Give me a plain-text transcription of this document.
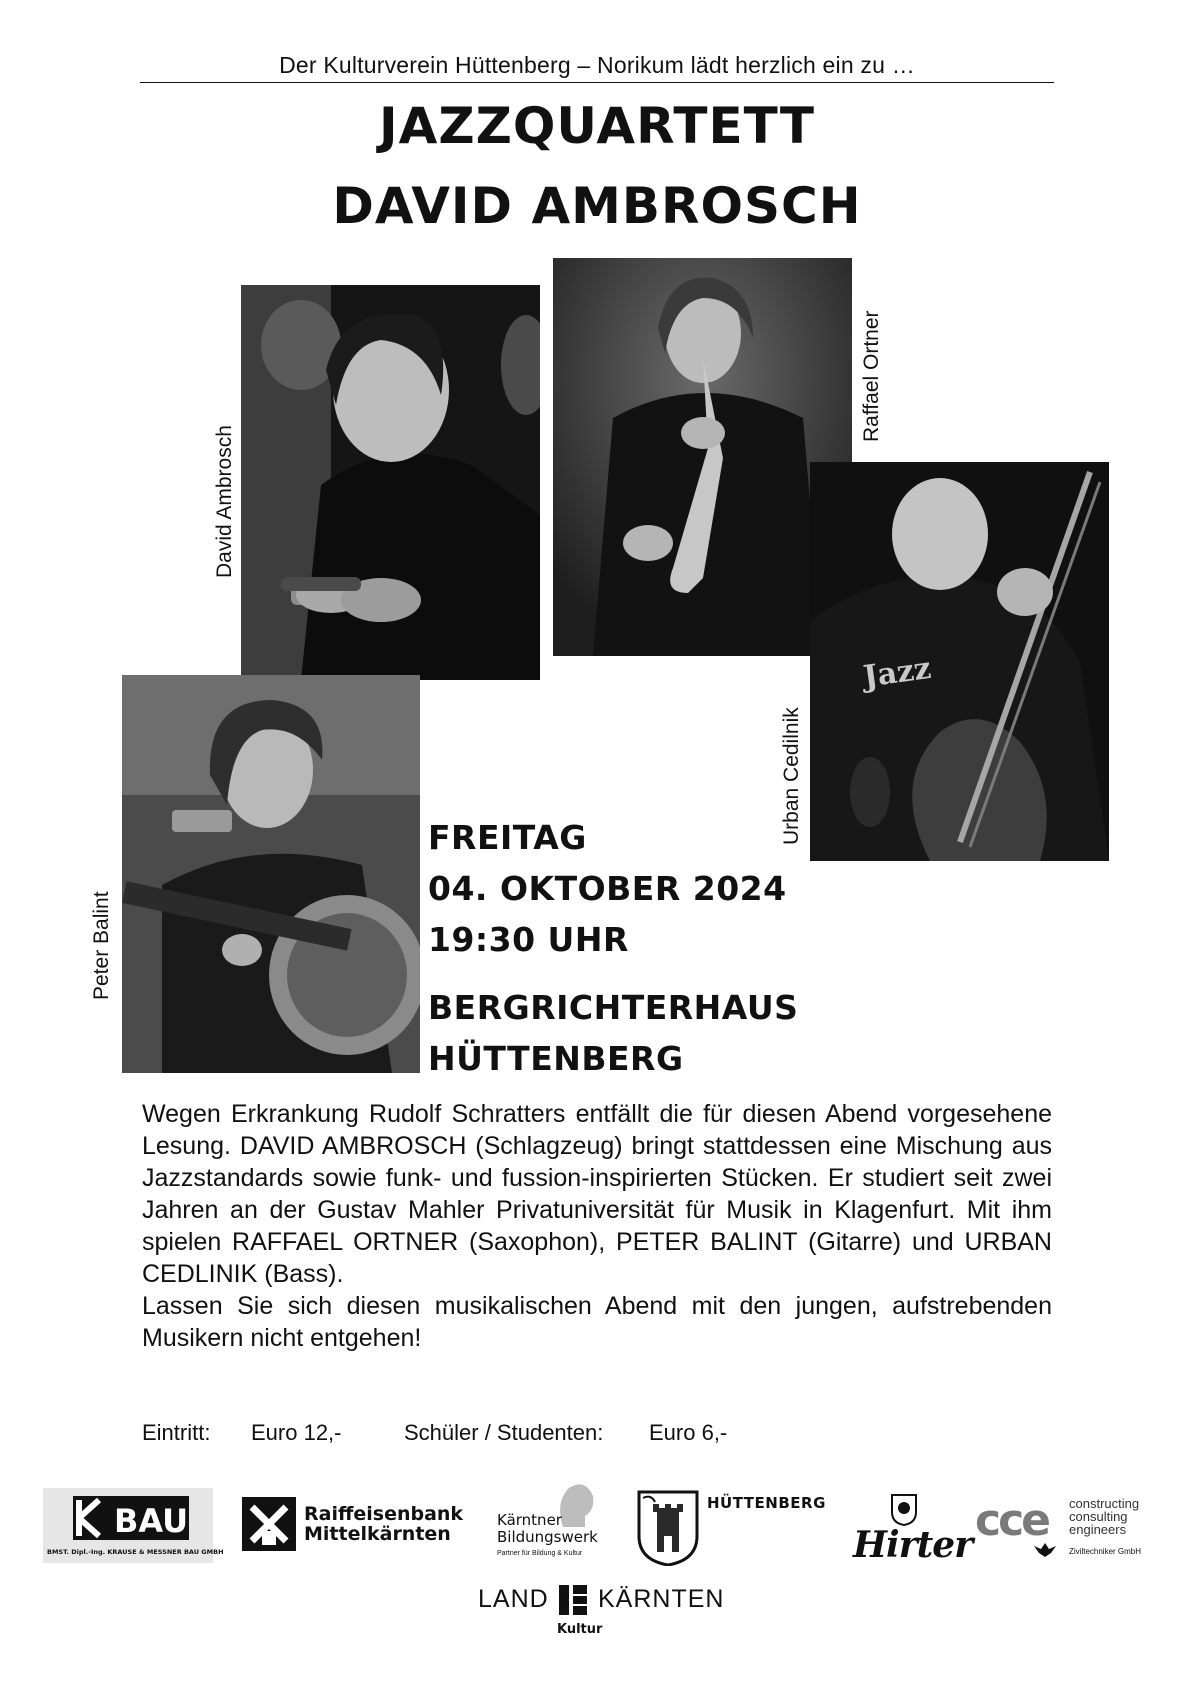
Der Kulturverein Hüttenberg – Norikum lädt herzlich ein zu …
JAZZQUARTETT
DAVID AMBROSCH
David Ambrosch
Raffael Ortner
Jazz
Urban Cedilnik
Peter Balint
FREITAG
04. OKTOBER 2024
19:30 UHR
BERGRICHTERHAUS
HÜTTENBERG

Wegen Erkrankung Rudolf Schratters entfällt die für diesen Abend vorgesehene Lesung. DAVID AMBROSCH (Schlagzeug) bringt stattdessen eine Mischung aus Jazzstandards sowie funk- und fussion-inspirierten Stücken. Er studiert seit zwei Jahren an der Gustav Mahler Privatuniversität für Musik in Klagenfurt. Mit ihm spielen RAFFAEL ORTNER (Saxophon), PETER BALINT (Gitarre) und URBAN CEDLINIK (Bass).

Lassen Sie sich diesen musikalischen Abend mit den jungen, aufstrebenden Musikern nicht entgehen!

Eintritt: Euro 12,-	Schüler / Studenten: Euro 6,-
BAU
BMST. Dipl.-Ing. KRAUSE & MESSNER BAU GMBH
Raiffeisenbank
Mittelkärnten
Kärntner
Bildungswerk
Partner für Bildung & Kultur
HÜTTENBERG
Hirter cce constructing
consulting
engineers
Ziviltechniker GmbH
LAND KÄRNTEN
Kultur
